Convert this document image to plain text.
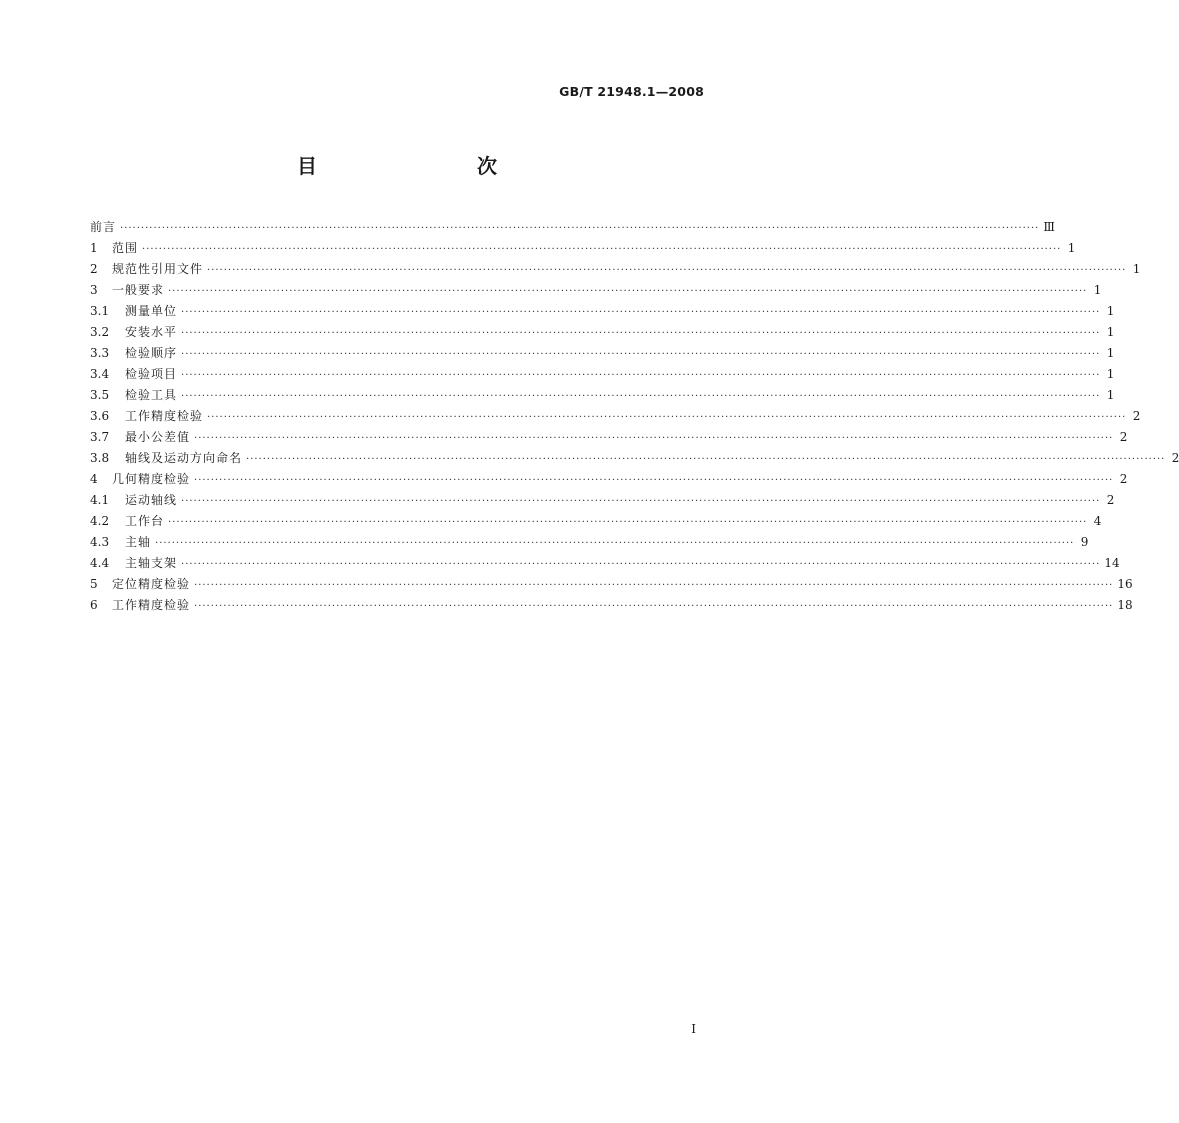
GB/T 21948.1—2008
目　　次
前言 ···························································································································································································································· Ⅲ
1	范围 ···························································································································································································································· 1
2	规范性引用文件 ···························································································································································································································· 1
3	一般要求 ···························································································································································································································· 1
3.1	测量单位 ···························································································································································································································· 1
3.2	安装水平 ···························································································································································································································· 1
3.3	检验顺序 ···························································································································································································································· 1
3.4	检验项目 ···························································································································································································································· 1
3.5	检验工具 ···························································································································································································································· 1
3.6	工作精度检验 ···························································································································································································································· 2
3.7	最小公差值 ···························································································································································································································· 2
3.8	轴线及运动方向命名 ···························································································································································································································· 2
4	几何精度检验 ···························································································································································································································· 2
4.1	运动轴线 ···························································································································································································································· 2
4.2	工作台 ···························································································································································································································· 4
4.3	主轴 ···························································································································································································································· 9
4.4	主轴支架 ···························································································································································································································· 14
5	定位精度检验 ···························································································································································································································· 16
6	工作精度检验 ···························································································································································································································· 18
I
